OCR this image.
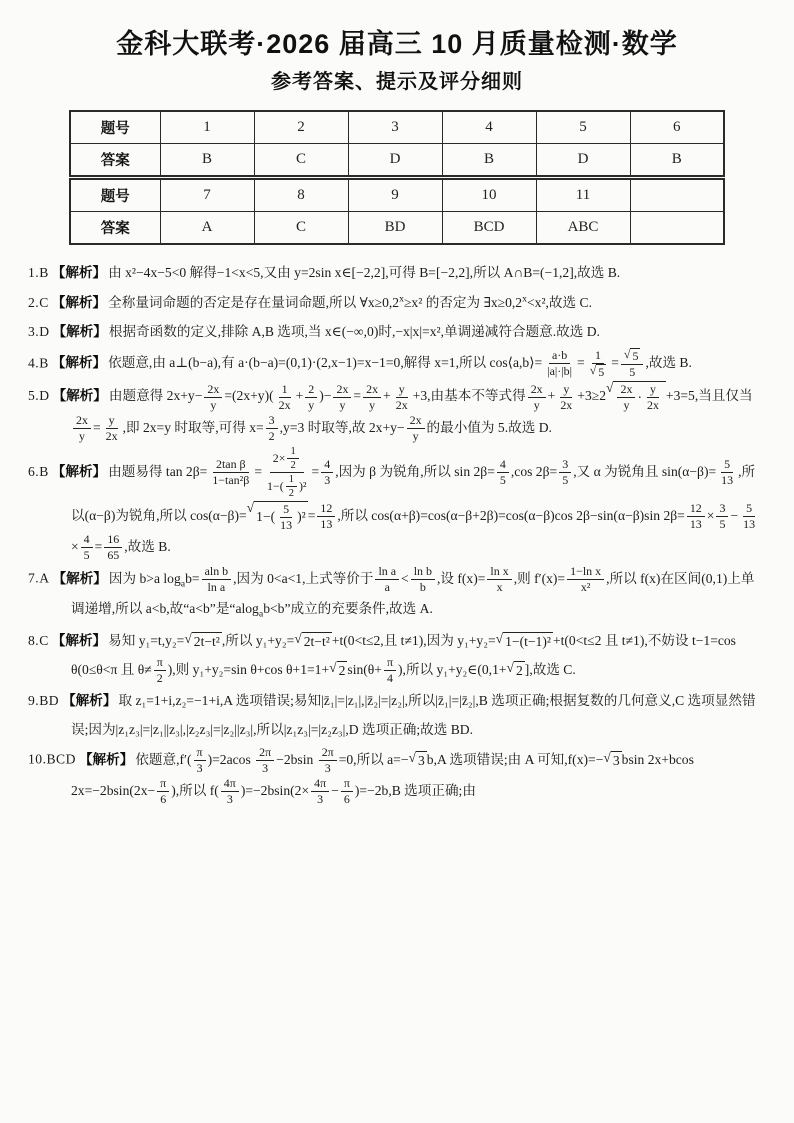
金科大联考·2026 届高三 10 月质量检测·数学
参考答案、提示及评分细则
题号	1	2	3	4	5	6
答案	B	C	D	B	D	B
题号	7	8	9	10	11	
答案	A	C	BD	BCD	ABC	
1.B 【解析】 由 x²−4x−5<0 解得−1<x<5,又由 y=2sin x∈[−2,2],可得 B=[−2,2],所以 A∩B=(−1,2],故选 B.
2.C 【解析】 全称量词命题的否定是存在量词命题,所以 $\forall x\ge 0,2^x\ge x^2$ 的否定为 $\exists x\ge 0,2^x<x^2$,故选 C.
3.D 【解析】 根据奇函数的定义,排除 A,B 选项,当 x∈(−∞,0)时,−x|x|=x²,单调递减符合题意.故选 D.
4.B 【解析】 依题意,由 a⊥(b−a),有 a·(b−a)=(0,1)·(2,x−1)=x−1=0,解得 x=1,所以 cos⟨a,b⟩= $\frac{a\cdot b}{|a|\cdot|b|} = \frac{1}{√ 5} = \frac{√ 5}{5}$ ,故选 B.
5.D 【解析】 由题意得 $2x+y- \frac{2x}{y} =(2x+y)( \frac{1}{2x} + \frac{2}{y}$ )− $\frac{2x}{y} = \frac{2x}{y} + \frac{y}{2x} +3$,由基本不等式得 $\frac{2x}{y} + \frac{y}{2x} +3\ge 2$
√ $\frac{2x}{y} \cdot \frac{y}{2x} +3=5$,当且仅当
$\frac{2x}{y} = \frac{y}{2x}$ ,即 2x=y 时取等,可得 $x= \frac{3}{2} ,y=3$ 时取等,故 $2x+y- \frac{2x}{y}$ 的最小值为 5.故选 D.
6.B 【解析】 由题易得 $\tan 2\beta= \frac{\text{2tan β}}{\text{1−tan²β}} = \frac{2\times \frac{1}{2}}{1-( \frac{1}{2} )^2} = \frac{4}{3}$ ,因为 β 为锐角,所以 $\sin 2\beta= \frac{4}{5} ,\cos$ $2\beta= \frac{3}{5}$ ,又 α 为锐角且 $\sin(\alpha-\beta)= \frac{5}{13}$ ,所以(α−β)为锐角,所以 cos(α−β)=
√
$1-( \frac{5}{13} )^2 = \frac{12}{13}$ ,所以 cos(α+β)=cos(α−β+2β)=cos(α−β)cos 2β−sin(α−β)sin $2\beta= \frac{12}{13} \times \frac{3}{5} - \frac{5}{13}$
× $\frac{4}{5} = \frac{16}{65}$ ,故选 B.
7.A 【解析】 因为 b>a $\log_ab= \frac{\text{aln b}}{\text{ln a}}$ ,因为 0<a<1,上式等价于 $\frac{\text{ln a}}{a} < \frac{\text{ln b}}{b}$ ,设 $f(x)= \frac{\text{ln x}}{x}$ ,则 $f'(x)= \frac{\text{1−ln x}}{\text{x²}}$ ,所以 f(x)在区间(0,1)上单调递增,所以 a<b,故“a<b”是“alog$_a$b<b”成立的充要条件,故选 A.
8.C 【解析】 易知 y₁=t,y₂= √ 2t−t² ,所以 y₁+y₂= √ 2t−t² +t(0<t≤2,且 t≠1),因为 y₁+y₂= √ 1−(t−1)² +t(0<t≤2 且 t≠1),不妨设 t−1=cos θ(0≤θ<π 且 $\theta\ne \frac{\pi}{2}$ ),则 y₁+y₂=sin θ+cos θ+1=1+ √ 2 $\sin(\theta+ \frac{\pi}{4}$ ),所以 y₁+y₂∈(0,1+ √ 2 ],故选 C.
9.BD 【解析】 取 z₁=1+i,z₂=−1+i,A 选项错误;易知|z̄₁|=|z₁|,|z̄₂|=|z₂|,所以|z̄₁|=|z̄₂|,B 选项正确;根据复数的几何意义,C 选项显然错误;因为|z₁z₃|=|z₁||z₃|,|z₂z₃|=|z₂||z₃|,所以|z₁z₃|=|z₂z₃|,D 选项正确;故选 BD.
10.BCD 【解析】 依题意$,f'( \frac{\pi}{3} )=2acos \frac{2\pi}{3} -2bsin \frac{2\pi}{3} =0$,所以 a=− √ 3 b,A 选项错误;由 A 可知,f(x)=− √ 3 bsin 2x+bcos $2x=-2bsin(2x- \frac{\pi}{6}$ ),所以 $f( \frac{4\pi}{3} )=-2bsin(2\times \frac{4\pi}{3} - \frac{\pi}{6} )=-2b,B$ 选项正确;由
